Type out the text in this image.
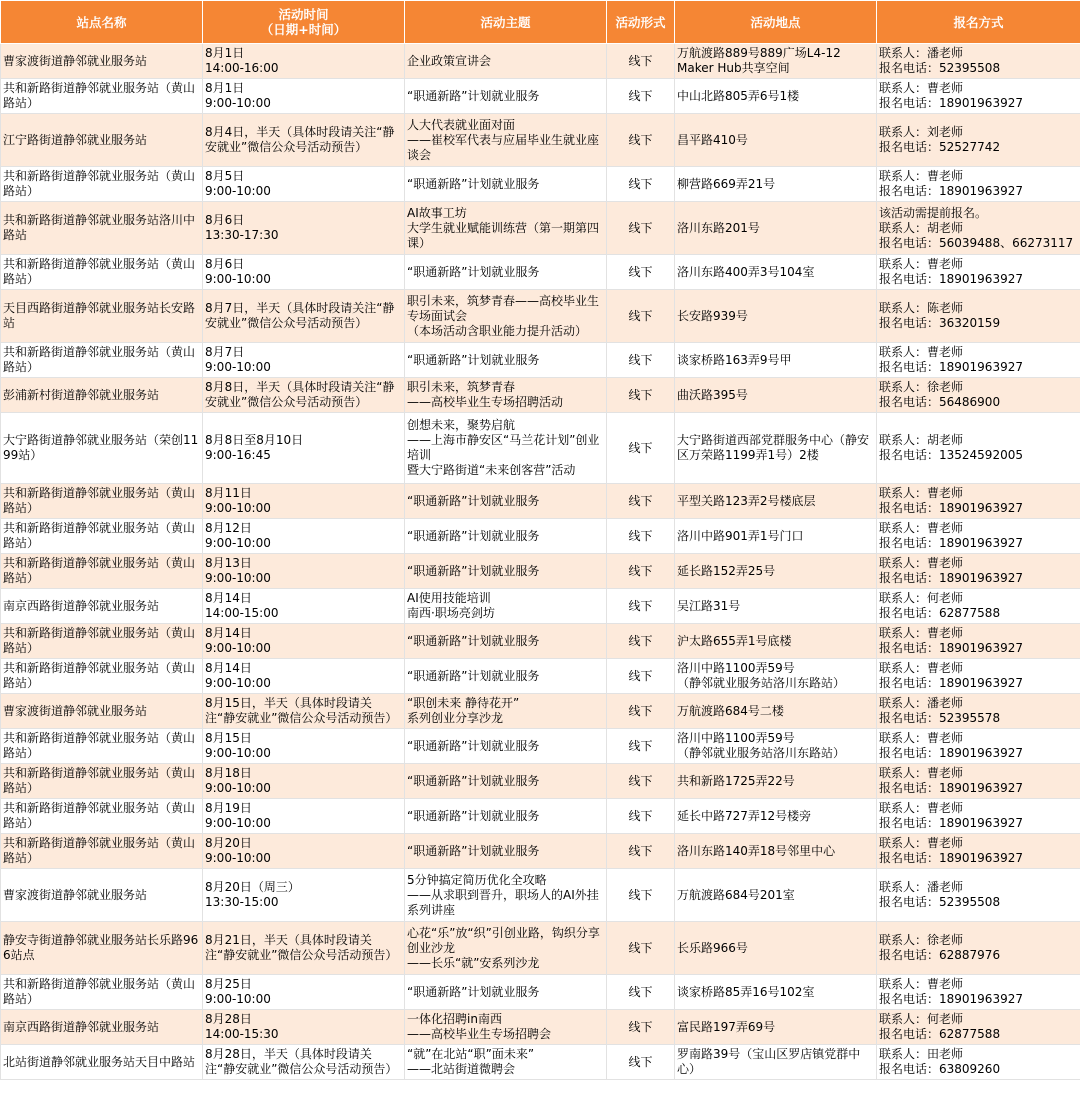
站点名称	活动时间
（日期+时间）	活动主题	活动形式	活动地点	报名方式

曹家渡街道静邻就业服务站	8月1日
14:00-16:00	企业政策宣讲会	线下	万航渡路889号889广场L4-12
Maker Hub共享空间	联系人：潘老师
报名电话：52395508

共和新路街道静邻就业服务站（黄山路站）	8月1日
9:00-10:00	“职通新路”计划就业服务	线下	中山北路805弄6号1楼	联系人：曹老师
报名电话：18901963927

江宁路街道静邻就业服务站	8月4日，半天（具体时段请关注“静安就业”微信公众号活动预告）	人大代表就业面对面
——崔校军代表与应届毕业生就业座谈会	线下	昌平路410号	联系人：刘老师
报名电话：52527742

共和新路街道静邻就业服务站（黄山路站）	8月5日
9:00-10:00	“职通新路”计划就业服务	线下	柳营路669弄21号	联系人：曹老师
报名电话：18901963927

共和新路街道静邻就业服务站洛川中路站	8月6日
13:30-17:30	AI故事工坊
大学生就业赋能训练营（第一期第四课）	线下	洛川东路201号	该活动需提前报名。
联系人：胡老师
报名电话：56039488、66273117

共和新路街道静邻就业服务站（黄山路站）	8月6日
9:00-10:00	“职通新路”计划就业服务	线下	洛川东路400弄3号104室	联系人：曹老师
报名电话：18901963927

天目西路街道静邻就业服务站长安路站	8月7日，半天（具体时段请关注“静安就业”微信公众号活动预告）	职引未来，筑梦青春——高校毕业生专场面试会
（本场活动含职业能力提升活动）	线下	长安路939号	联系人：陈老师
报名电话：36320159

共和新路街道静邻就业服务站（黄山路站）	8月7日
9:00-10:00	“职通新路”计划就业服务	线下	谈家桥路163弄9号甲	联系人：曹老师
报名电话：18901963927

彭浦新村街道静邻就业服务站	8月8日，半天（具体时段请关注“静安就业”微信公众号活动预告）	职引未来，筑梦青春
——高校毕业生专场招聘活动	线下	曲沃路395号	联系人：徐老师
报名电话：56486900

大宁路街道静邻就业服务站（荣创1199站）	8月8日至8月10日
9:00-16:45	创想未来，聚势启航
——上海市静安区“马兰花计划”创业培训
暨大宁路街道“未来创客营”活动	线下	大宁路街道西部党群服务中心（静安区万荣路1199弄1号）2楼	联系人：胡老师
报名电话：13524592005

共和新路街道静邻就业服务站（黄山路站）	8月11日
9:00-10:00	“职通新路”计划就业服务	线下	平型关路123弄2号楼底层	联系人：曹老师
报名电话：18901963927

共和新路街道静邻就业服务站（黄山路站）	8月12日
9:00-10:00	“职通新路”计划就业服务	线下	洛川中路901弄1号门口	联系人：曹老师
报名电话：18901963927

共和新路街道静邻就业服务站（黄山路站）	8月13日
9:00-10:00	“职通新路”计划就业服务	线下	延长路152弄25号	联系人：曹老师
报名电话：18901963927

南京西路街道静邻就业服务站	8月14日
14:00-15:00	AI使用技能培训
南西·职场亮剑坊	线下	吴江路31号	联系人：何老师
报名电话：62877588

共和新路街道静邻就业服务站（黄山路站）	8月14日
9:00-10:00	“职通新路”计划就业服务	线下	沪太路655弄1号底楼	联系人：曹老师
报名电话：18901963927

共和新路街道静邻就业服务站（黄山路站）	8月14日
9:00-10:00	“职通新路”计划就业服务	线下	洛川中路1100弄59号
（静邻就业服务站洛川东路站）	联系人：曹老师
报名电话：18901963927

曹家渡街道静邻就业服务站	8月15日，半天（具体时段请关注“静安就业”微信公众号活动预告）	“职创未来 静待花开”
系列创业分享沙龙	线下	万航渡路684号二楼	联系人：潘老师
报名电话：52395578

共和新路街道静邻就业服务站（黄山路站）	8月15日
9:00-10:00	“职通新路”计划就业服务	线下	洛川中路1100弄59号
（静邻就业服务站洛川东路站）	联系人：曹老师
报名电话：18901963927

共和新路街道静邻就业服务站（黄山路站）	8月18日
9:00-10:00	“职通新路”计划就业服务	线下	共和新路1725弄22号	联系人：曹老师
报名电话：18901963927

共和新路街道静邻就业服务站（黄山路站）	8月19日
9:00-10:00	“职通新路”计划就业服务	线下	延长中路727弄12号楼旁	联系人：曹老师
报名电话：18901963927

共和新路街道静邻就业服务站（黄山路站）	8月20日
9:00-10:00	“职通新路”计划就业服务	线下	洛川东路140弄18号邻里中心	联系人：曹老师
报名电话：18901963927

曹家渡街道静邻就业服务站	8月20日（周三）
13:30-15:00	5分钟搞定简历优化全攻略
——从求职到晋升，职场人的AI外挂系列讲座	线下	万航渡路684号201室	联系人：潘老师
报名电话：52395508

静安寺街道静邻就业服务站长乐路966站点	8月21日，半天（具体时段请关注“静安就业”微信公众号活动预告）	心花“乐”放“织”引创业路，钩织分享创业沙龙
——长乐“就”安系列沙龙	线下	长乐路966号	联系人：徐老师
报名电话：62887976

共和新路街道静邻就业服务站（黄山路站）	8月25日
9:00-10:00	“职通新路”计划就业服务	线下	谈家桥路85弄16号102室	联系人：曹老师
报名电话：18901963927

南京西路街道静邻就业服务站	8月28日
14:00-15:30	一体化招聘in南西
——高校毕业生专场招聘会	线下	富民路197弄69号	联系人：何老师
报名电话：62877588

北站街道静邻就业服务站天目中路站	8月28日，半天（具体时段请关注“静安就业”微信公众号活动预告）	“就”在北站“职”面未来”
——北站街道微聘会	线下	罗南路39号（宝山区罗店镇党群中心）	联系人：田老师
报名电话：63809260
